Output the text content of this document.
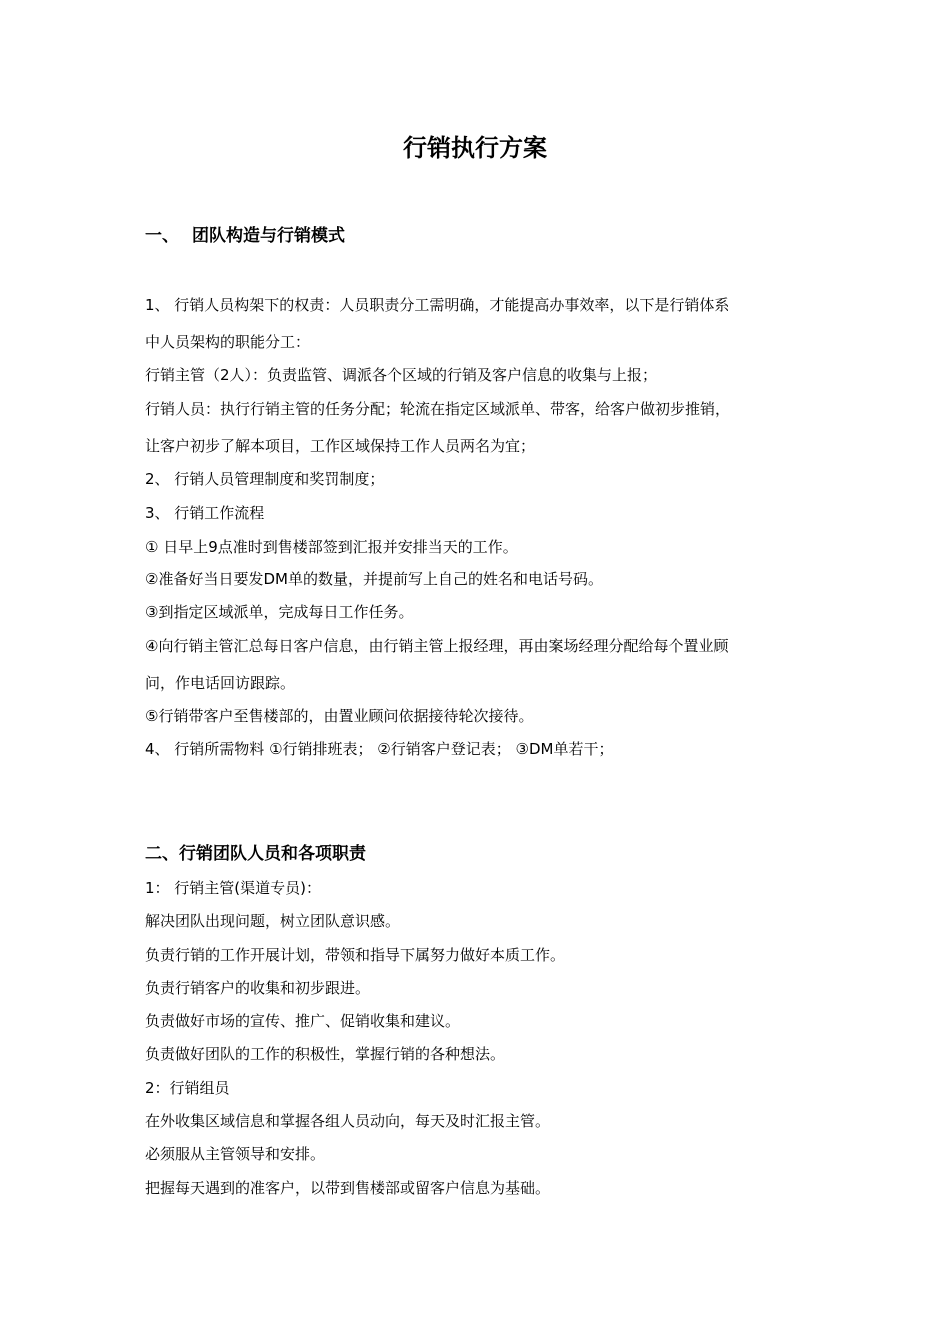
行销执行方案
一、 团队构造与行销模式

1、 行销人员构架下的权责：人员职责分工需明确，才能提高办事效率，以下是行销体系

中人员架构的职能分工：

行销主管（2人）：负责监管、调派各个区域的行销及客户信息的收集与上报；

行销人员：执行行销主管的任务分配；轮流在指定区域派单、带客，给客户做初步推销，

让客户初步了解本项目，工作区域保持工作人员两名为宜；

2、 行销人员管理制度和奖罚制度；

3、 行销工作流程

① 日早上9点准时到售楼部签到汇报并安排当天的工作。

②准备好当日要发DM单的数量，并提前写上自己的姓名和电话号码。

③到指定区域派单，完成每日工作任务。

④向行销主管汇总每日客户信息，由行销主管上报经理，再由案场经理分配给每个置业顾

问，作电话回访跟踪。

⑤行销带客户至售楼部的，由置业顾问依据接待轮次接待。

4、 行销所需物料 ①行销排班表； ②行销客户登记表； ③DM单若干；

二、行销团队人员和各项职责

1： 行销主管(渠道专员)：

解决团队出现问题，树立团队意识感。

负责行销的工作开展计划，带领和指导下属努力做好本质工作。

负责行销客户的收集和初步跟进。

负责做好市场的宣传、推广、促销收集和建议。

负责做好团队的工作的积极性，掌握行销的各种想法。

2：行销组员

在外收集区域信息和掌握各组人员动向，每天及时汇报主管。

必须服从主管领导和安排。

把握每天遇到的准客户，以带到售楼部或留客户信息为基础。
